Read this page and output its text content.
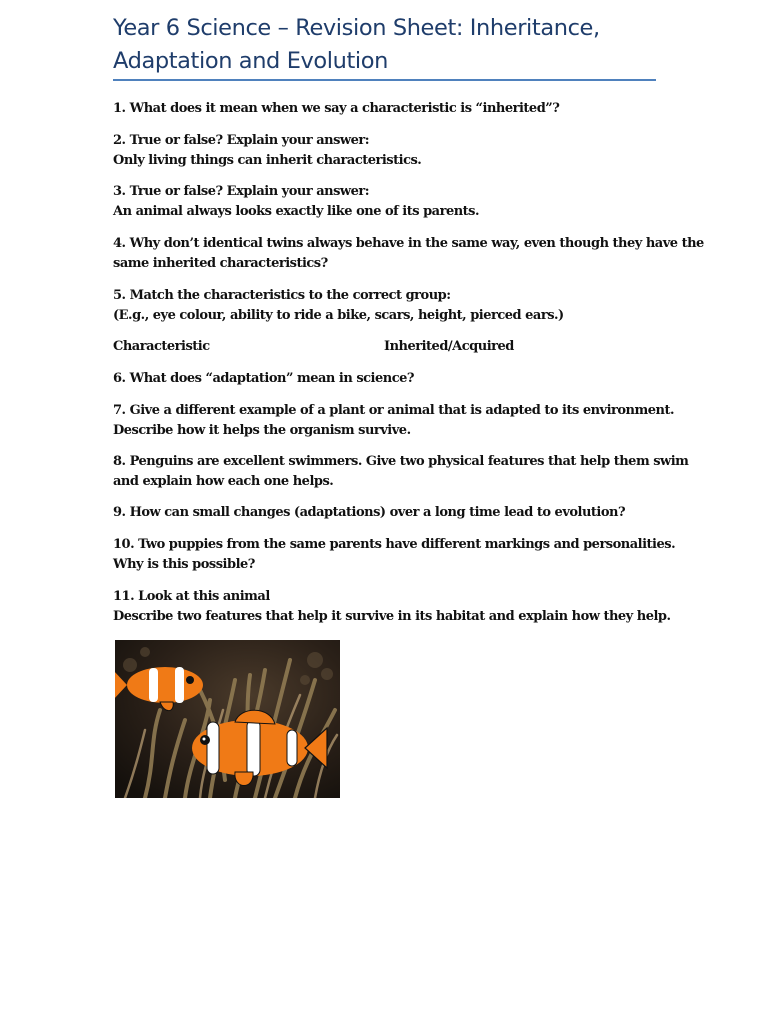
Year 6 Science – Revision Sheet: Inheritance,
Adaptation and Evolution
1. What does it mean when we say a characteristic is “inherited”?
2. True or false? Explain your answer:
Only living things can inherit characteristics.
3. True or false? Explain your answer:
An animal always looks exactly like one of its parents.
4. Why don’t identical twins always behave in the same way, even though they have the
same inherited characteristics?
5. Match the characteristics to the correct group:
(E.g., eye colour, ability to ride a bike, scars, height, pierced ears.)
Characteristic	Inherited/Acquired
6. What does “adaptation” mean in science?
7. Give a different example of a plant or animal that is adapted to its environment.
Describe how it helps the organism survive.
8. Penguins are excellent swimmers. Give two physical features that help them swim
and explain how each one helps.
9. How can small changes (adaptations) over a long time lead to evolution?
10. Two puppies from the same parents have different markings and personalities.
Why is this possible?
11. Look at this animal
Describe two features that help it survive in its habitat and explain how they help.
